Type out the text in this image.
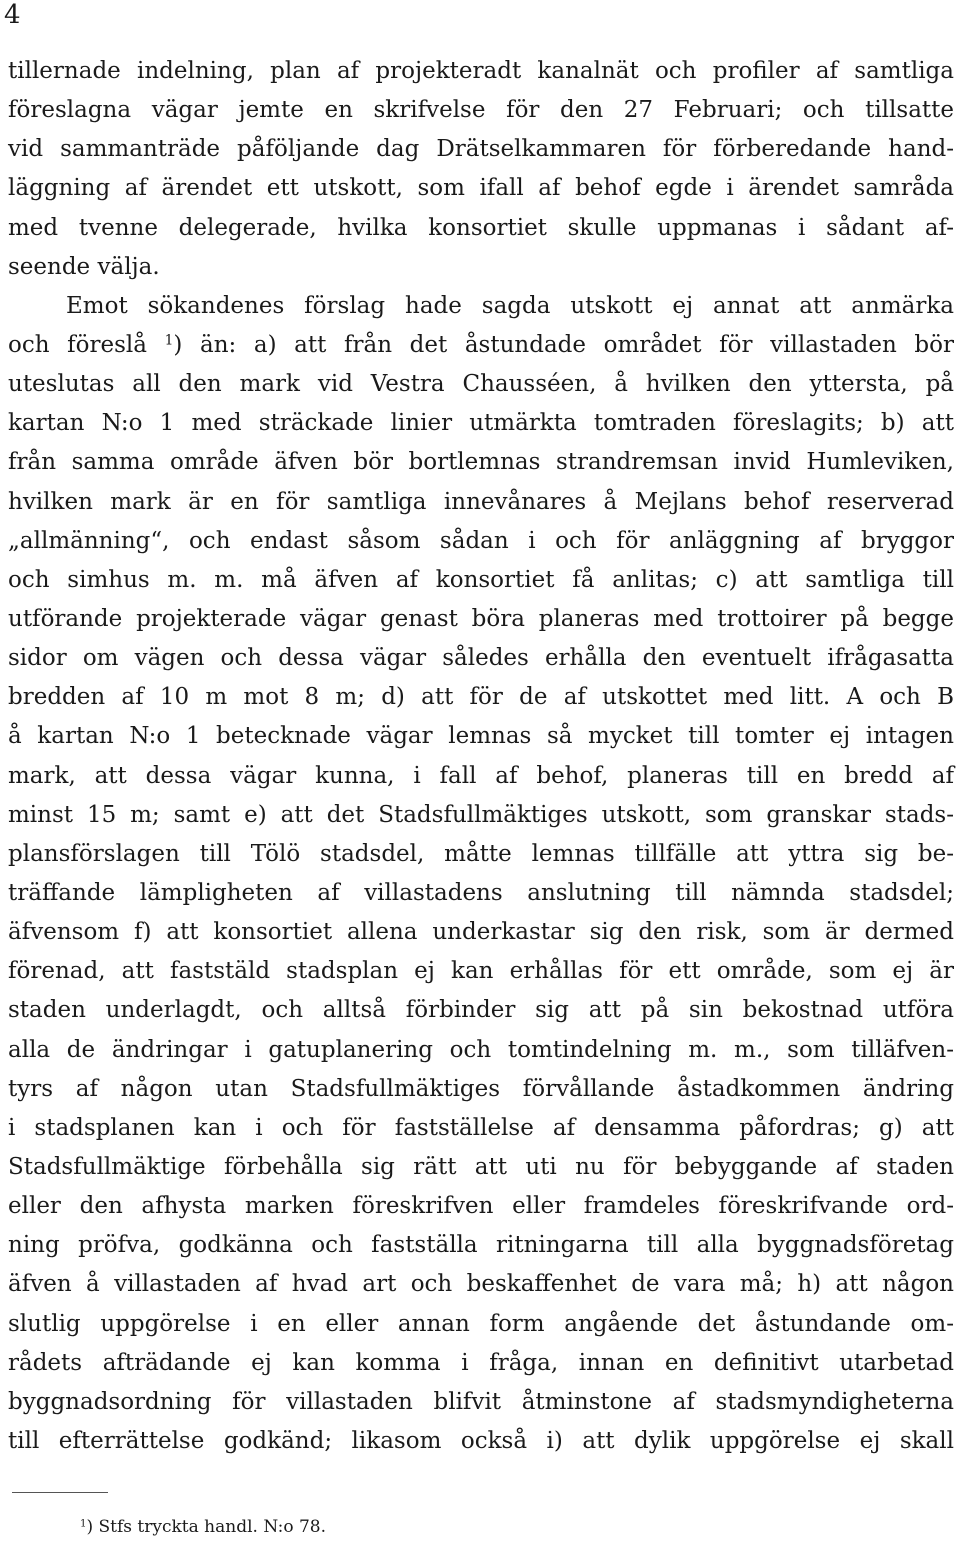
4
tillernade indelning, plan af projekteradt kanalnät och profiler af samtliga
föreslagna vägar jemte en skrifvelse för den 27 Februari; och tillsatte
vid sammanträde påföljande dag Drätselkammaren för förberedande hand-
läggning af ärendet ett utskott, som ifall af behof egde i ärendet samråda
med tvenne delegerade, hvilka konsortiet skulle uppmanas i sådant af-
seende välja.
Emot sökandenes förslag hade sagda utskott ej annat att anmärka
och föreslå $^1$) än: a) att från det åstundade området för villastaden bör
uteslutas all den mark vid Vestra Chausséen, å hvilken den yttersta, på
kartan N:o 1 med sträckade linier utmärkta tomtraden föreslagits; b) att
från samma område äfven bör bortlemnas strandremsan invid Humleviken,
hvilken mark är en för samtliga innevånares å Mejlans behof reserverad
„allmänning“, och endast såsom sådan i och för anläggning af bryggor
och simhus m. m. må äfven af konsortiet få anlitas; c) att samtliga till
utförande projekterade vägar genast böra planeras med trottoirer på begge
sidor om vägen och dessa vägar således erhålla den eventuelt ifrågasatta
bredden af 10 m mot 8 m; d) att för de af utskottet med litt. A och B
å kartan N:o 1 betecknade vägar lemnas så mycket till tomter ej intagen
mark, att dessa vägar kunna, i fall af behof, planeras till en bredd af
minst 15 m; samt e) att det Stadsfullmäktiges utskott, som granskar stads-
plansförslagen till Tölö stadsdel, måtte lemnas tillfälle att yttra sig be-
träffande lämpligheten af villastadens anslutning till nämnda stadsdel;
äfvensom f) att konsortiet allena underkastar sig den risk, som är dermed
förenad, att faststäld stadsplan ej kan erhållas för ett område, som ej är
staden underlagdt, och alltså förbinder sig att på sin bekostnad utföra
alla de ändringar i gatuplanering och tomtindelning m. m., som tilläfven-
tyrs af någon utan Stadsfullmäktiges förvållande åstadkommen ändring
i stadsplanen kan i och för fastställelse af densamma påfordras; g) att
Stadsfullmäktige förbehålla sig rätt att uti nu för bebyggande af staden
eller den afhysta marken föreskrifven eller framdeles föreskrifvande ord-
ning pröfva, godkänna och fastställa ritningarna till alla byggnadsföretag
äfven å villastaden af hvad art och beskaffenhet de vara må; h) att någon
slutlig uppgörelse i en eller annan form angående det åstundande om-
rådets afträdande ej kan komma i fråga, innan en definitivt utarbetad
byggnadsordning för villastaden blifvit åtminstone af stadsmyndigheterna
till efterrättelse godkänd; likasom också i) att dylik uppgörelse ej skall
$^1$) Stfs tryckta handl. N:o 78.
